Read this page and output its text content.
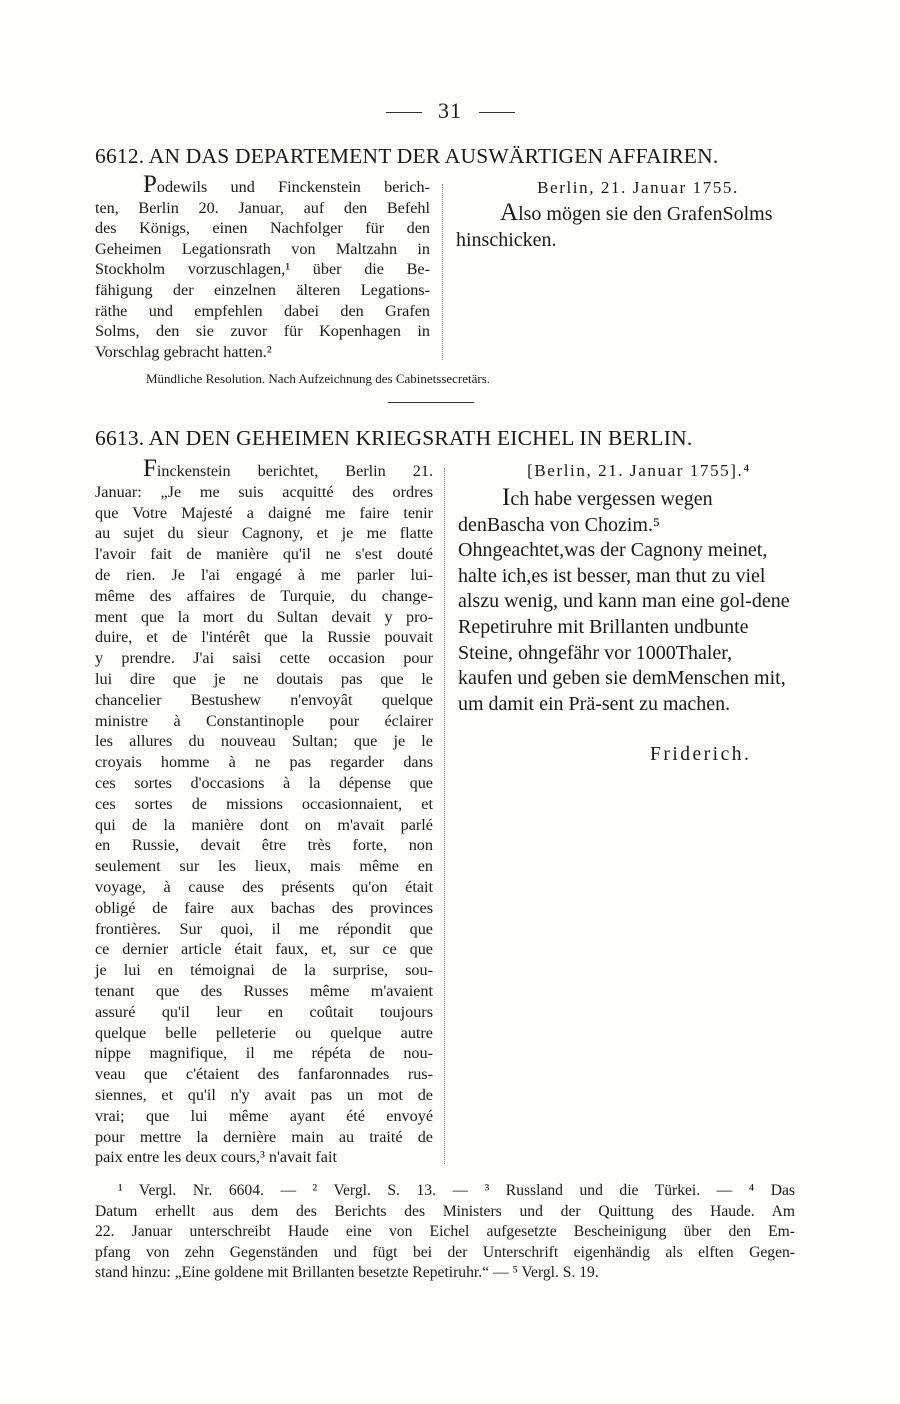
31
6612. AN DAS DEPARTEMENT DER AUSWÄRTIGEN AFFAIREN.
Podewils und Finckenstein berich-
ten, Berlin 20. Januar, auf den Befehl
des Königs, einen Nachfolger für den
Geheimen Legationsrath von Maltzahn in
Stockholm vorzuschlagen,¹ über die Be-
fähigung der einzelnen älteren Legations-
räthe und empfehlen dabei den Grafen
Solms, den sie zuvor für Kopenhagen in
Vorschlag gebracht hatten.²
Berlin, 21. Januar 1755.
Also mögen sie den GrafenSolms hinschicken.
Mündliche Resolution. Nach Aufzeichnung des Cabinetssecretärs.
6613. AN DEN GEHEIMEN KRIEGSRATH EICHEL IN BERLIN.
Finckenstein berichtet, Berlin 21.
Januar: „Je me suis acquitté des ordres
que Votre Majesté a daigné me faire tenir
au sujet du sieur Cagnony, et je me flatte
l'avoir fait de manière qu'il ne s'est douté
de rien. Je l'ai engagé à me parler lui-
même des affaires de Turquie, du change-
ment que la mort du Sultan devait y pro-
duire, et de l'intérêt que la Russie pouvait
y prendre. J'ai saisi cette occasion pour
lui dire que je ne doutais pas que le
chancelier Bestushew n'envoyât quelque
ministre à Constantinople pour éclairer
les allures du nouveau Sultan; que je le
croyais homme à ne pas regarder dans
ces sortes d'occasions à la dépense que
ces sortes de missions occasionnaient, et
qui de la manière dont on m'avait parlé
en Russie, devait être très forte, non
seulement sur les lieux, mais même en
voyage, à cause des présents qu'on était
obligé de faire aux bachas des provinces
frontières. Sur quoi, il me répondit que
ce dernier article était faux, et, sur ce que
je lui en témoignai de la surprise, sou-
tenant que des Russes même m'avaient
assuré qu'il leur en coûtait toujours
quelque belle pelleterie ou quelque autre
nippe magnifique, il me répéta de nou-
veau que c'étaient des fanfaronnades rus-
siennes, et qu'il n'y avait pas un mot de
vrai; que lui même ayant été envoyé
pour mettre la dernière main au traité de
paix entre les deux cours,³ n'avait fait
[Berlin, 21. Januar 1755].⁴
Ich habe vergessen wegen denBascha von Chozim.⁵ Ohngeachtet,was der Cagnony meinet, halte ich,es ist besser, man thut zu viel alszu wenig, und kann man eine gol-dene Repetiruhre mit Brillanten undbunte Steine, ohngefähr vor 1000Thaler, kaufen und geben sie demMenschen mit, um damit ein Prä-sent zu machen.
Friderich.
¹ Vergl. Nr. 6604. — ² Vergl. S. 13. — ³ Russland und die Türkei. — ⁴ Das
Datum erhellt aus dem des Berichts des Ministers und der Quittung des Haude. Am
22. Januar unterschreibt Haude eine von Eichel aufgesetzte Bescheinigung über den Em-
pfang von zehn Gegenständen und fügt bei der Unterschrift eigenhändig als elften Gegen-
stand hinzu: „Eine goldene mit Brillanten besetzte Repetiruhr.“ — ⁵ Vergl. S. 19.
